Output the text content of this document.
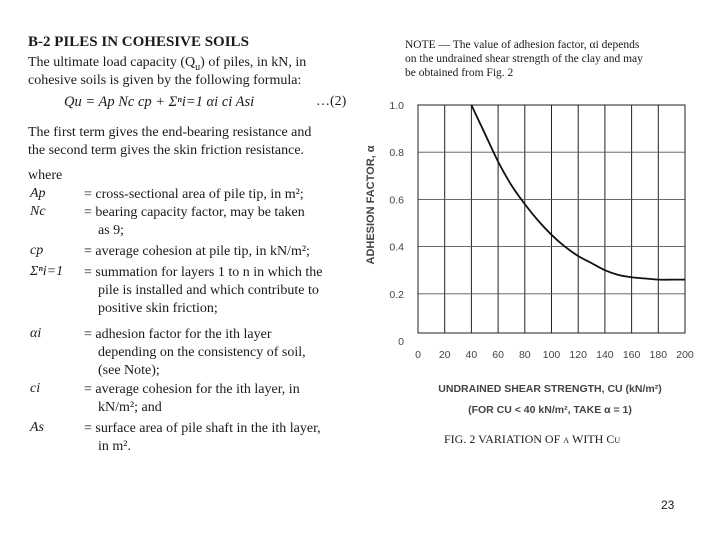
B-2 PILES IN COHESIVE SOILS
The ultimate load capacity $(Q_u)$ of piles, in kN, in
cohesive soils is given by the following formula:
Qu = Ap Nc cp + Σⁿi=1 αi ci Asi	…(2)
The first term gives the end-bearing resistance and
the second term gives the skin friction resistance.
where
Ap	= cross-sectional area of pile tip, in m²;
Nc	= bearing capacity factor, may be taken
as 9;
cp	= average cohesion at pile tip, in kN/m²;
Σⁿi=1	= summation for layers 1 to n in which the
pile is installed and which contribute to
positive skin friction;
αi	= adhesion factor for the ith layer
depending on the consistency of soil,
(see Note);
ci	= average cohesion for the ith layer, in
kN/m²; and
As	= surface area of pile shaft in the ith layer,
in m².
NOTE — The value of adhesion factor, αi depends
on the undrained shear strength of the clay and may
be obtained from Fig. 2
0
0.2
0.4
0.6
0.8
1.0
0 20 40 60 80 100 120 140 160 180 200
ADHESION FACTOR, α
UNDRAINED SHEAR STRENGTH, CU (kN/m²)
(FOR CU < 40 kN/m², TAKE α = 1)
FIG. 2 VARIATION OF α WITH Cu
23
